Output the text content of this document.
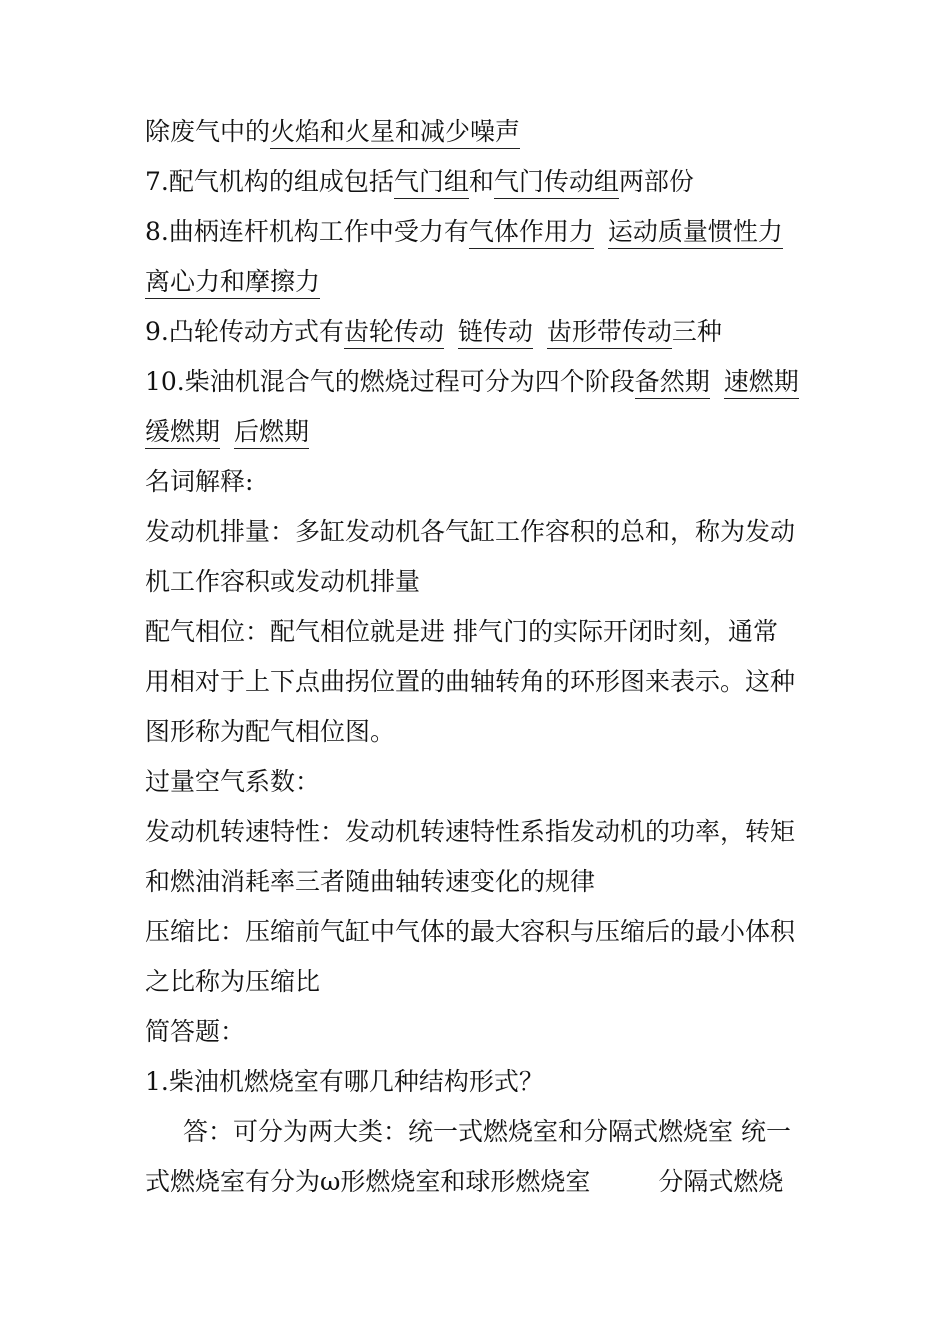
除废气中的火焰和火星和减少噪声
7.配气机构的组成包括气门组和气门传动组两部份
8.曲柄连杆机构工作中受力有气体作用力 运动质量惯性力
离心力和摩擦力
9.凸轮传动方式有齿轮传动 链传动 齿形带传动三种
10.柴油机混合气的燃烧过程可分为四个阶段备然期 速燃期
缓燃期 后燃期
名词解释:
发动机排量：多缸发动机各气缸工作容积的总和，称为发动
机工作容积或发动机排量
配气相位：配气相位就是进 排气门的实际开闭时刻，通常
用相对于上下点曲拐位置的曲轴转角的环形图来表示。这种
图形称为配气相位图。
过量空气系数：
发动机转速特性：发动机转速特性系指发动机的功率，转矩
和燃油消耗率三者随曲轴转速变化的规律
压缩比：压缩前气缸中气体的最大容积与压缩后的最小体积
之比称为压缩比
简答题：
1.柴油机燃烧室有哪几种结构形式？
答：可分为两大类：统一式燃烧室和分隔式燃烧室 统一
式燃烧室有分为ω形燃烧室和球形燃烧室	分隔式燃烧
